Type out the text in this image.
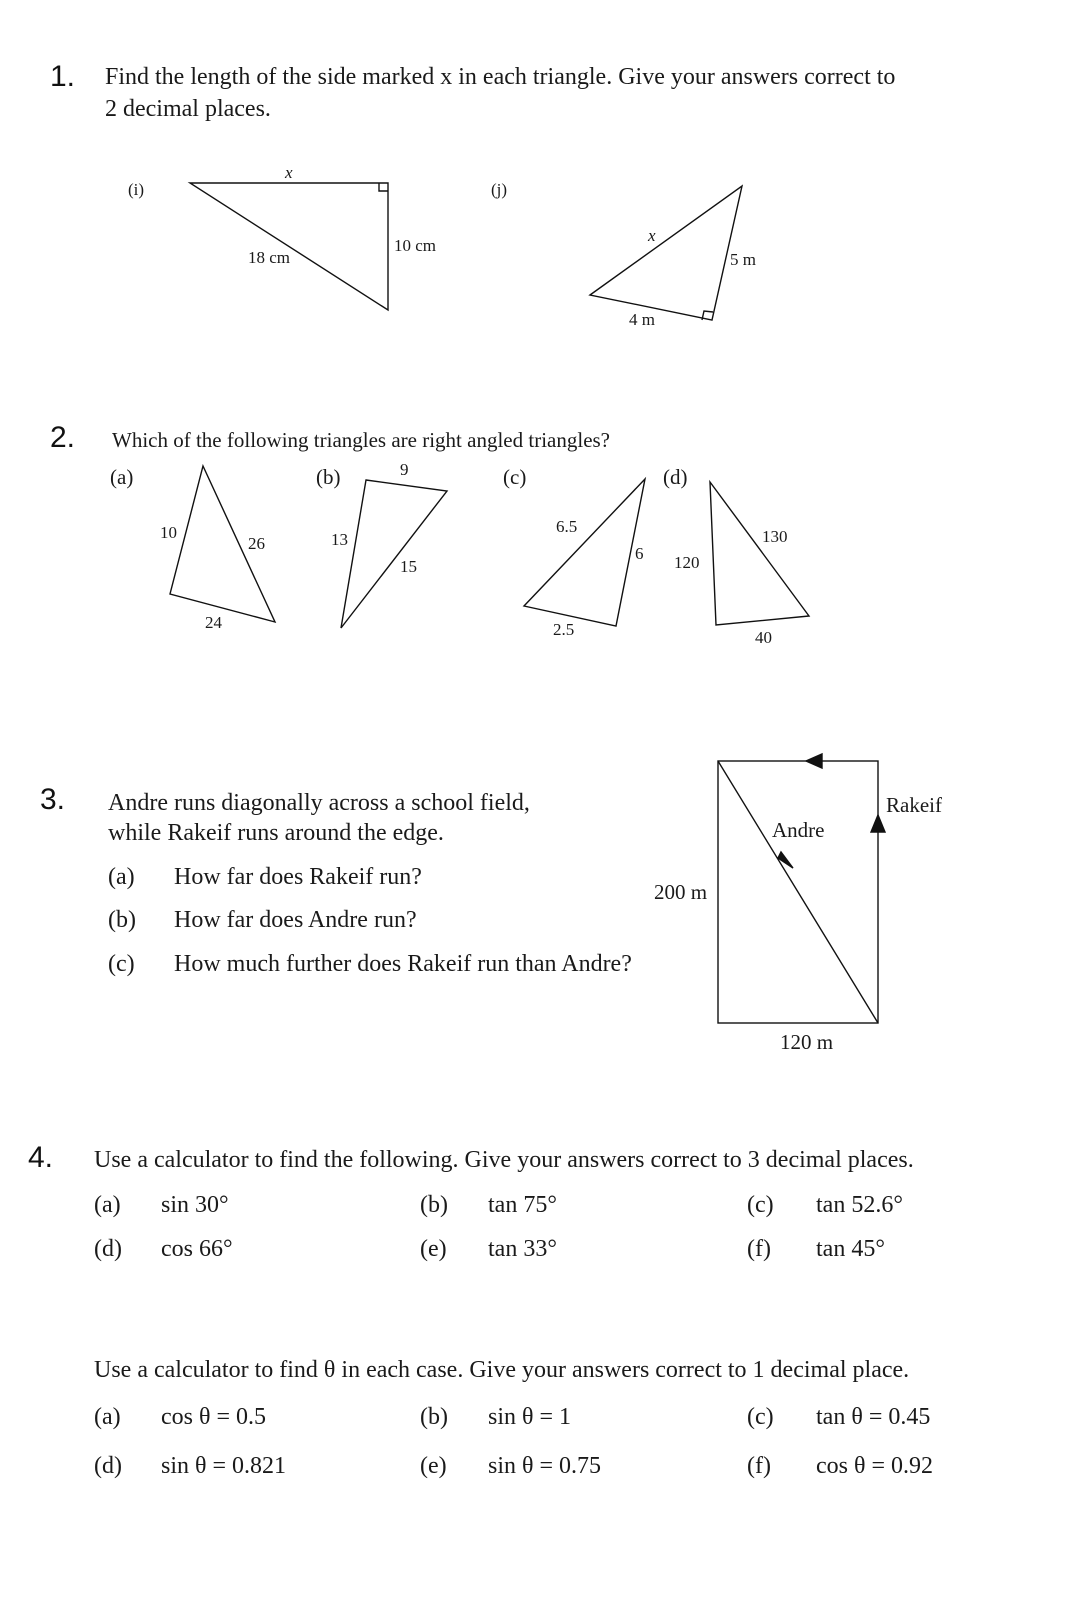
1. Find the length of the side marked x in each triangle. Give your answers correct to
2 decimal places.
(i)
x
18 cm
10 cm
(j)
x
5 m
4 m
2. Which of the following triangles are right angled triangles?
(a)
10
26
24
(b)	9
13
15
(c)
6.5
6
2.5
(d)
120
130
40
3. Andre runs diagonally across a school field,
while Rakeif runs around the edge.
(a) How far does Rakeif run?
(b) How far does Andre run?
(c) How much further does Rakeif run than Andre?
200 m
120 m
Andre
Rakeif
4. Use a calculator to find the following. Give your answers correct to 3 decimal places.
(a) sin 30°	(b) tan 75°	(c) tan 52.6°
(d) cos 66°	(e) tan 33°	(f) tan 45°
Use a calculator to find θ in each case. Give your answers correct to 1 decimal place.
(a) cos θ = 0.5	(b) sin θ = 1	(c) tan θ = 0.45
(d) sin θ = 0.821	(e) sin θ = 0.75	(f) cos θ = 0.92
